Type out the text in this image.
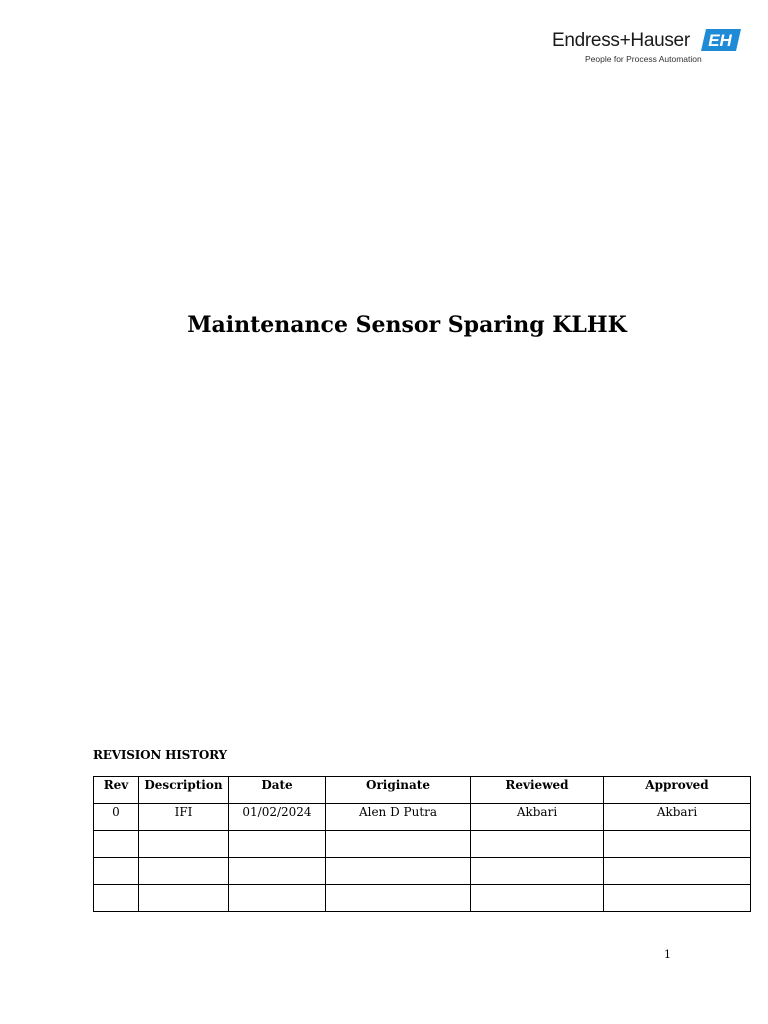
Endress+Hauser
People for Process Automation
EH
Maintenance Sensor Sparing KLHK
REVISION HISTORY
Rev	Description	Date	Originate	Reviewed	Approved
0	IFI	01/02/2024	Alen D Putra	Akbari	Akbari

1
